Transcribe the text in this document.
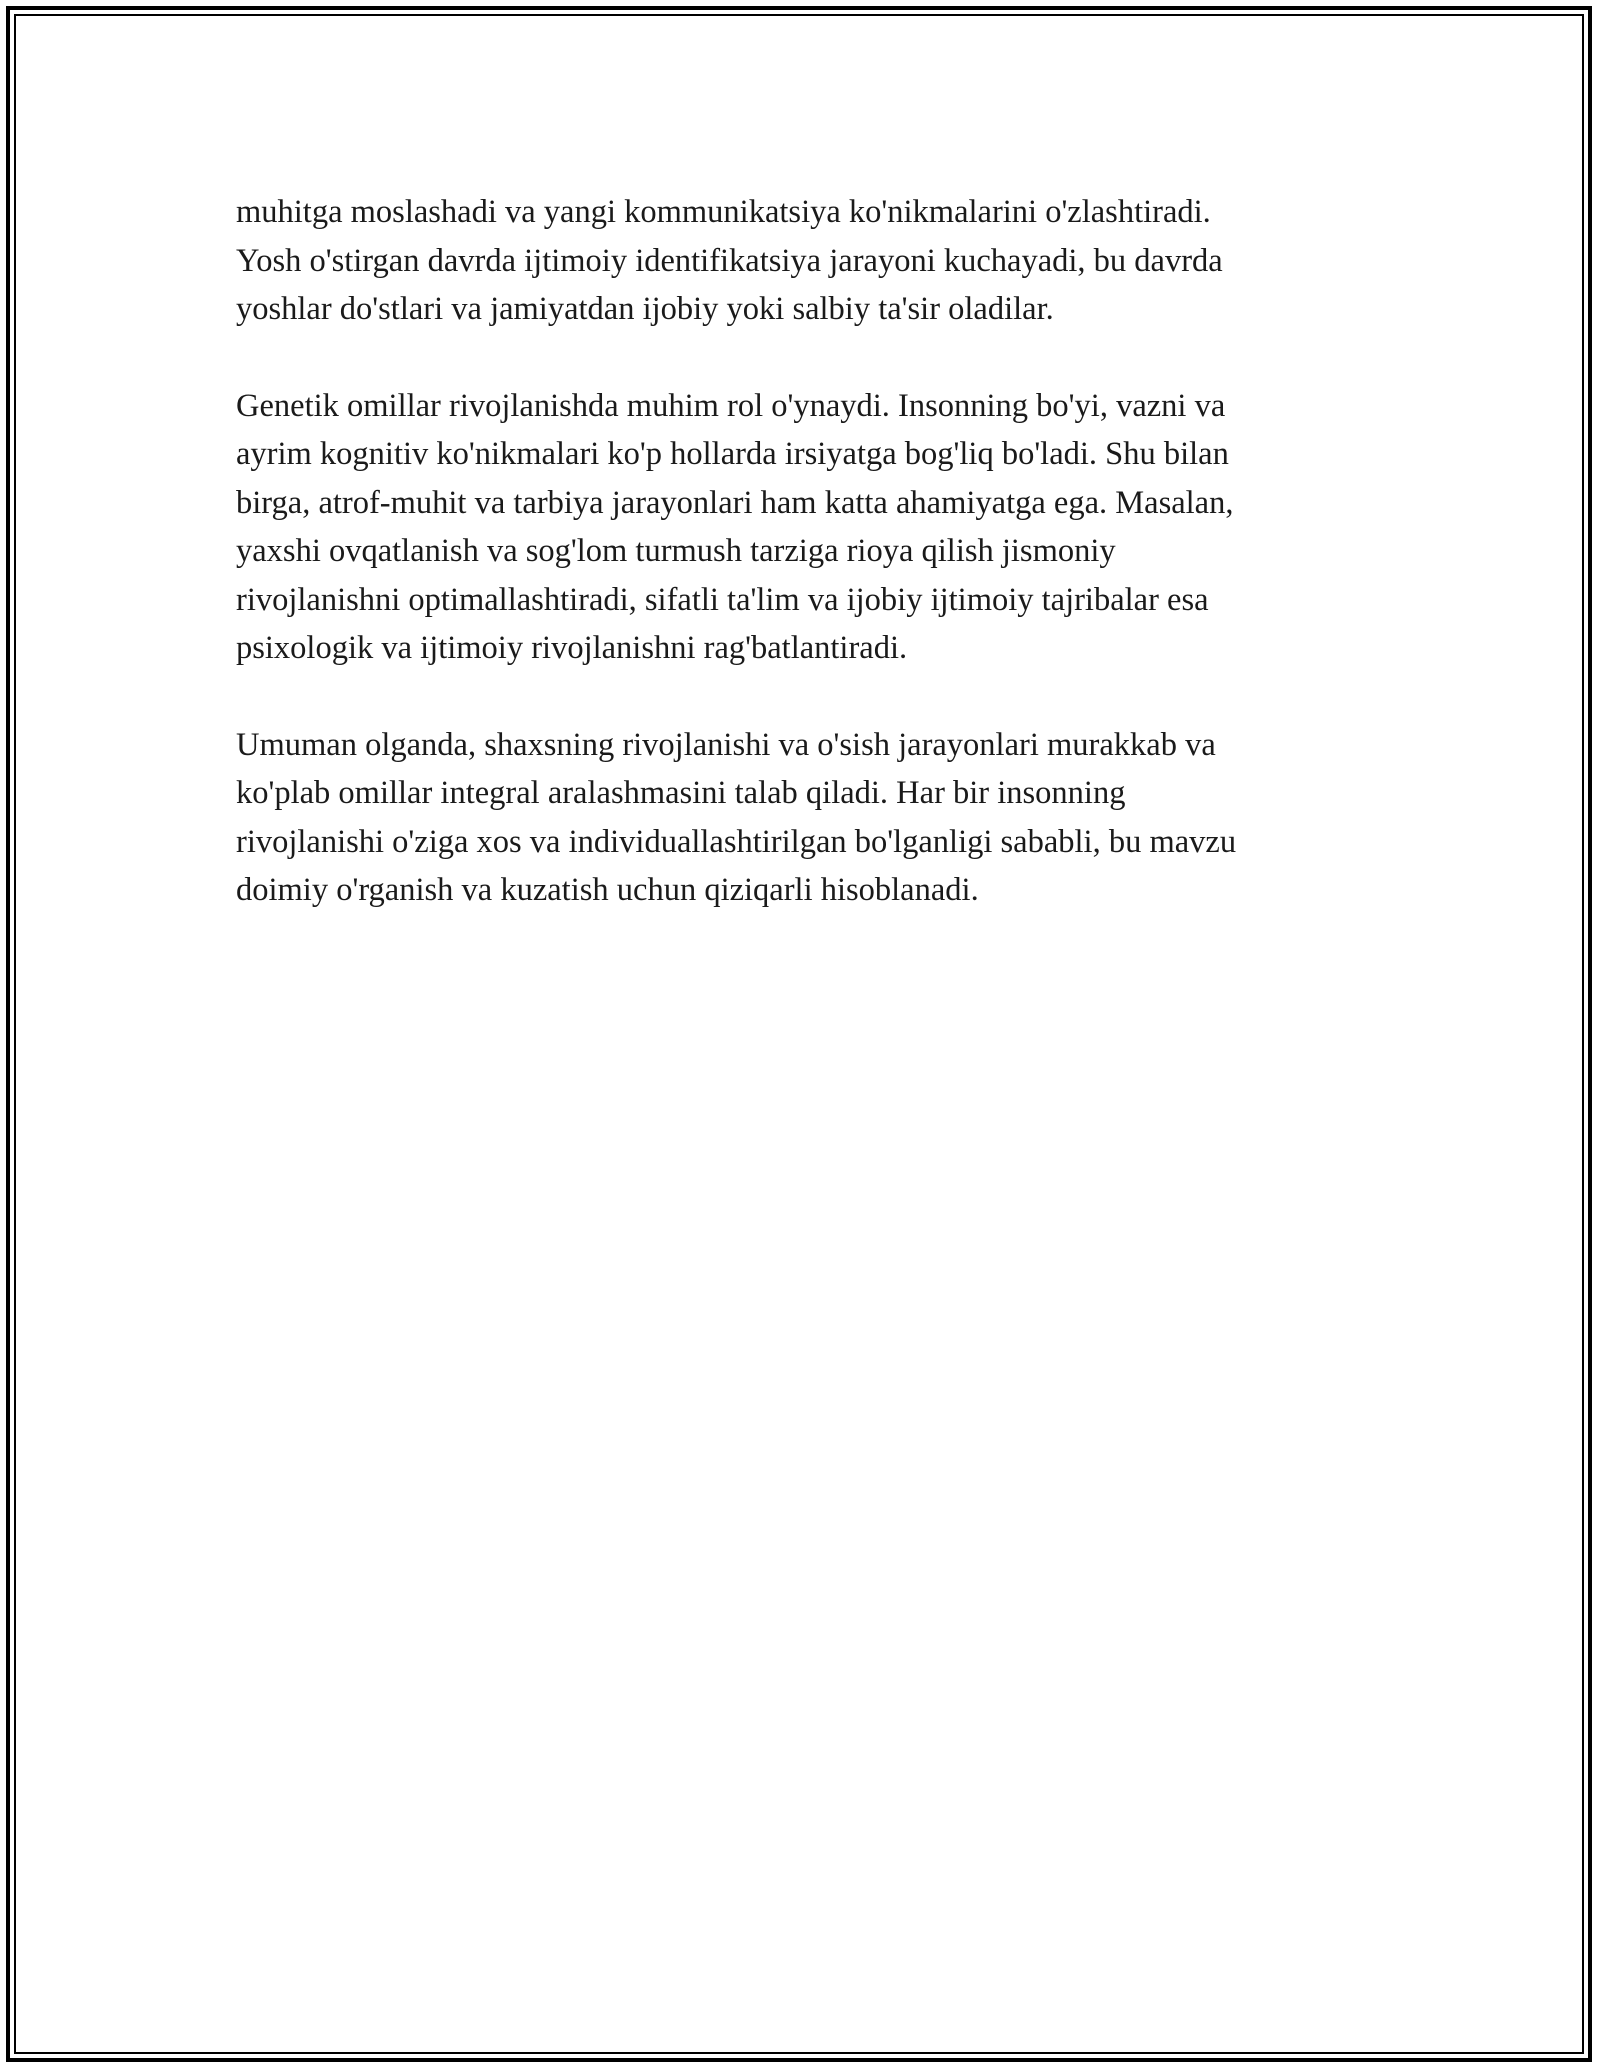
muhitga moslashadi va yangi kommunikatsiya ko'nikmalarini o'zlashtiradi.
Yosh o'stirgan davrda ijtimoiy identifikatsiya jarayoni kuchayadi, bu davrda
yoshlar do'stlari va jamiyatdan ijobiy yoki salbiy ta'sir oladilar.

Genetik omillar rivojlanishda muhim rol o'ynaydi. Insonning bo'yi, vazni va
ayrim kognitiv ko'nikmalari ko'p hollarda irsiyatga bog'liq bo'ladi. Shu bilan
birga, atrof-muhit va tarbiya jarayonlari ham katta ahamiyatga ega. Masalan,
yaxshi ovqatlanish va sog'lom turmush tarziga rioya qilish jismoniy
rivojlanishni optimallashtiradi, sifatli ta'lim va ijobiy ijtimoiy tajribalar esa
psixologik va ijtimoiy rivojlanishni rag'batlantiradi.

Umuman olganda, shaxsning rivojlanishi va o'sish jarayonlari murakkab va
ko'plab omillar integral aralashmasini talab qiladi. Har bir insonning
rivojlanishi o'ziga xos va individuallashtirilgan bo'lganligi sababli, bu mavzu
doimiy o'rganish va kuzatish uchun qiziqarli hisoblanadi.
